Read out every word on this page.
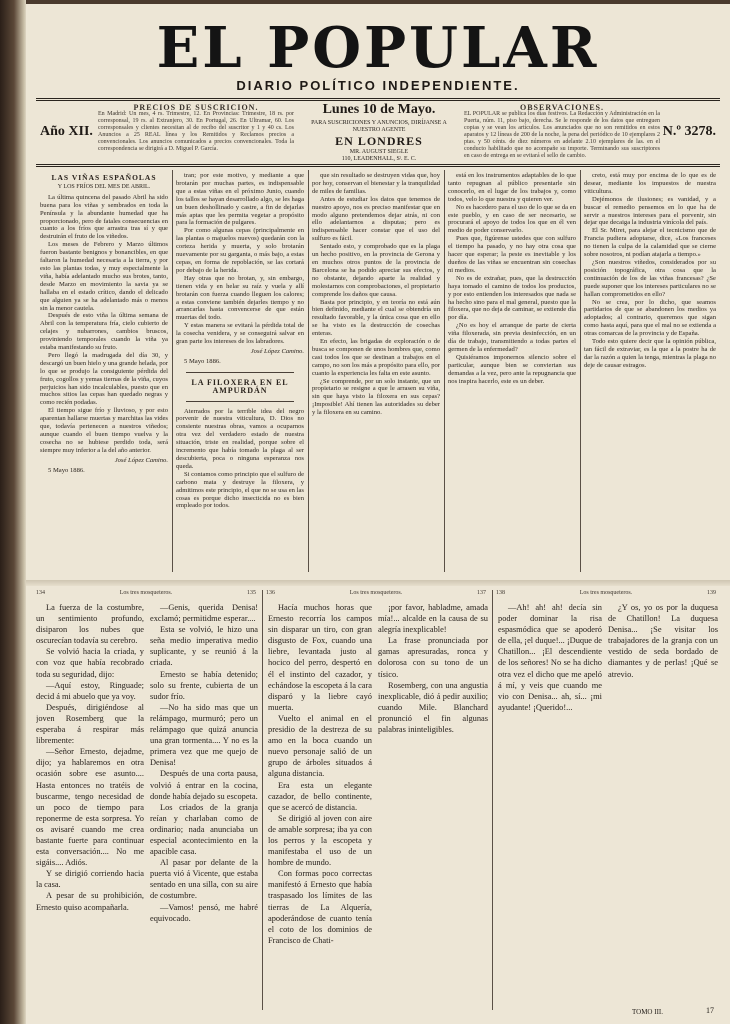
EL POPULAR
DIARIO POLÍTICO INDEPENDIENTE.
Año XII.
PRECIOS DE SUSCRICION.

En Madrid: Un mes, 4 rs. Trimestre, 12. En Provincias: Trimestre, 18 rs. por corresponsal, 19 rs. al Extranjero, 30. En Portugal, 26. En Ultramar, 60. Los corresponsales y clientes necesitan al de recibo del suscritor y 1 y 40 cs. Los Anuncios a 25 REAL línea y los Remitidos y Reclamos precios a convencionales. Los anuncios comunicados a precios convencionales. Toda la correspondencia se dirigirá a D. Miguel P. García.

Lunes 10 de Mayo.
PARA SUSCRICIONES Y ANUNCIOS, DIRÍJANSE A NUESTRO AGENTE
EN LONDRES
MR. AUGUST SIEGLE
110, LEADENHALL, Sᵗ. E. C.
OBSERVACIONES.

EL POPULAR se publica los días festivos. La Redacción y Administración en la Puerta, núm. 11, piso bajo, derecha. Se le responde de los datos que entreguen copias y se vean los artículos. Los anunciados que no son remitidos en estos aparatos y 12 líneas de 200 de la noche, la pena del periódico de 10 ejemplares 2 ptas. y 50 cénts. de diez números en adelante 2.10 ejemplares de las. en el conducto habilitado que no acompañe su importe. Terminando sus suscriptores en caso de entrega en se evitará el sello de cambio.

N.º 3278.

LAS VIÑAS ESPAÑOLAS

Y LOS FRÍOS DEL MES DE ABRIL.

La última quincena del pasado Abril ha sido buena para los viñas y sembrados en toda la Península y la abundante humedad que ha proporcionado, pero de fatales consecuencias en cuanto a los fríos que arrastra tras sí y que destruirán el fruto de los viñedos.

Los meses de Febrero y Marzo últimos fueron bastante benignos y bonancibles, en que faltaron la humedad necesaria a la tierra, y por esto las plantas todas, y muy especialmente la viña, había adelantado mucho sus brotes, tanto, desde Marzo en movimiento la savia ya se hallaba en el estado crítico, dando el delicado que alguien ya se ha adelantado más o menos sin la menor cautela.

Después de esto viña la última semana de Abril con la temperatura fría, cielo cubierto de celajes y nubarrones, cambios bruscos, proviniendo temporales cuando la viña ya estaba manifestando su fruto.

Pero llegó la madrugada del día 30, y descargó un buen hielo y una grande helada, por lo que se produjo la consiguiente pérdida del fruto, cogollos y yemas tiernas de la viña, cuyos perjuicios han sido incalculables, puesto que en muchos sitios las cepas han quedado negras y como recién podadas.

El tiempo sigue frío y lluvioso, y por esto aparentan hallarse muertas y marchitas las vides que, todavía pertenecen a nuestros viñedos; aunque cuando el buen tiempo vuelva y la cosecha no se hubiese perdido toda, será siempre muy inferior a la del año anterior.

José López Camino.

5 Mayo 1886.

tran; por este motivo, y mediante a que brotarán por muchas partes, es indispensable que a estas viñas en el próximo Junio, cuando los tallos se hayan desarrollado algo, se les haga un buen deshollinado y castre, a fin de dejarlas más aptas que les permita vegetar a propósito para la formación de pulgares.

Por como algunas cepas (principalmente en las plantas o majuelos nuevos) quedarán con la corteza herida y muerta, y solo brotarán nuevamente por su garganta, o más bajo, a estas cepas, en forma de repoblación, se las cortará por debajo de la herida.

Hay otras que no brotan, y, sin embargo, tienen vida y en helar su raíz y vuela y allí brotarán con fuerza cuando lleguen los calores; a estas conviene también dejarles tiempo y no arrancarlas hasta convencerse de que están muertas del todo.

Y estas manera se evitará la pérdida total de la cosecha venidera, y se conseguirá salvar en gran parte los intereses de los labradores.

José López Camino.

5 Mayo 1886.

LA FILOXERA EN EL AMPURDÁN

Aterrados por la terrible idea del negro porvenir de nuestra viticultura, D. Dios no consiente nuestras obras, vamos a ocuparnos otra vez del verdadero estado de nuestra situación, triste en realidad, porque sobre el incremento que había tomado la plaga al ser descubierta, poca o ninguna esperanza nos queda.

Si contamos como principio que el sulfuro de carbono mata y destruye la filoxera, y admitimos este principio, el que no se usa en las cosas es porque dicho insecticida no es bien empleado por todos.

que sin resultado se destruyen vidas que, hoy por hoy, conservan el bienestar y la tranquilidad de miles de familias.

Antes de estudiar los datos que tenemos de nuestro apoyo, nos es preciso manifestar que en modo alguno pretendemos dejar atrás, ni con ello adelantarnos a disputas; pero es indispensable hacer constar que el uso del sulfuro es fácil.

Sentado esto, y comprobado que es la plaga un hecho positivo, en la provincia de Gerona y en muchos otros puntos de la provincia de Barcelona se ha podido apreciar sus efectos, y no obstante, dejando aparte la realidad y molestarnos con comprobaciones, el propietario comprende los daños que causa.

Basta por principio, y en teoría no está aún bien definido, mediante el cual se obtendría un resultado favorable, y la única cosa que en ello se ha visto es la destrucción de cosechas enteras.

En efecto, las brigadas de exploración o de busca se componen de unos hombres que, como casi todos los que se destinan a trabajos en el campo, no son los más a propósito para ello, por cuanto la experiencia les falta en este asunto.

¿Se comprende, por un solo instante, que un propietario se resigne a que le arrasen su viña, sin que haya visto la filoxera en sus cepas? ¡Imposible! Ahí tienen las autoridades su deber y la filoxera en su camino.

está en los instrumentos adaptables de lo que tanto repugnan al público presentarle sin conocerlo, en el lugar de los trabajos y, como todos, velo lo que nuestra y quieren ver.

No es hacedero para el uso de lo que se da en este pueblo, y en caso de ser necesario, se procurará el apoyo de todos los que en él ven medio de poder conservarlo.

Pues que, figúrense ustedes que con sulfuro el tiempo ha pasado, y no hay otra cosa que hacer que esperar; la peste es inevitable y los dueños de las viñas se encuentran sin cosechas ni medios.

No es de extrañar, pues, que la destrucción haya tomado el camino de todos los productos, y por esto entienden los interesados que nada se ha hecho sino para el mal general, puesto que la filoxera, que no deja de caminar, se extiende día por día.

¿No es hoy el arranque de parte de cierta viña filoxerada, sin previa desinfección, en un día de trabajo, transmitiendo a todas partes el germen de la enfermedad?

Quisiéramos imponernos silencio sobre el particular, aunque bien se conviertan sus demandas a la vez, pero ante la repugnancia que nos inspira hacerlo, este es un deber.

creto, está muy por encima de lo que es de desear, mediante los impuestos de nuestra viticultura.

Dejémonos de ilusiones; es vanidad, y a buscar el remedio pensemos en lo que ha de servir a nuestros intereses para el porvenir, sin dejar que decaiga la industria vinícola del país.

El Sr. Miret, para alejar el tecnicismo que de Francia pudiera adoptarse, dice, «Los franceses no tienen la culpa de la calamidad que se cierne sobre nosotros, ni podían atajarla a tiempo.»

¿Son nuestros viñedos, considerados por su posición topográfica, otra cosa que la continuación de los de las viñas francesas? ¿Se puede suponer que los intereses particulares no se hallan comprometidos en ello?

No se crea, por lo dicho, que seamos partidarios de que se abandonen los medios ya adoptados; al contrario, queremos que sigan como hasta aquí, para que el mal no se extienda a otras comarcas de la provincia y de España.

Todo esto quiere decir que la opinión pública, tan fácil de extraviar, es la que a la postre ha de dar la razón a quien la tenga, mientras la plaga no deje de causar estragos.

134	Los tres mosqueteros.	135 136	Los tres mosqueteros.	137 138	Los tres mosqueteros.	139

La fuerza de la costumbre, un sentimiento profundo, disiparon los nubes que oscurecían todavía su cerebro.

Se volvió hacia la criada, y con voz que había recobrado toda su seguridad, dijo:

—Aquí estoy, Ringuade; decid á mi abuelo que ya voy.

Después, dirigiéndose al joven Rosemberg que la esperaba á respirar más libremente:

—Señor Ernesto, dejadme, dijo; ya hablaremos en otra ocasión sobre ese asunto.... Hasta entonces no tratéis de buscarme, tengo necesidad de un poco de tiempo para reponerme de esta sorpresa. Yo os avisaré cuando me crea bastante fuerte para continuar esta conversación.... No me sigáis.... Adiós.

Y se dirigió corriendo hacia la casa.

A pesar de su prohibición, Ernesto quiso acompañarla.

—Genis, querida Denisa! exclamó; permitidme esperar....

Esta se volvió, le hizo una seña medio imperativa medio suplicante, y se reunió á la criada.

Ernesto se había detenido; solo su frente, cubierta de un sudor frío.

—No ha sido mas que un relámpago, murmuró; pero un relámpago que quizá anuncia una gran tormenta.... Y no es la primera vez que me quejo de Denisa!

Después de una corta pausa, volvió á entrar en la cocina, donde había dejado su escopeta.

Los criados de la granja reían y charlaban como de ordinario; nada anunciaba un especial acontecimiento en la apacible casa.

Al pasar por delante de la puerta vió á Vicente, que estaba sentado en una silla, con su aire de costumbre.

—Vamos! pensó, me habré equivocado.

Hacía muchos horas que Ernesto recorría los campos sin disparar un tiro, con gran disgusto de Fox, cuando una liebre, levantada justo al hocico del perro, despertó en él el instinto del cazador, y echándose la escopeta á la cara disparó y la liebre cayó muerta.

Vuelto el animal en el presidio de la destreza de su amo en la boca cuando un nuevo personaje salió de un grupo de árboles situados á alguna distancia.

Era esta un elegante cazador, de bello continente, que se acercó de distancia.

Se dirigió al joven con aire de amable sorpresa; iba ya con los perros y la escopeta y manifestaba el uso de un hombre de mundo.

Con formas poco correctas manifestó á Ernesto que había traspasado los límites de las tierras de La Alquería, apoderándose de cuanto tenía el coto de los dominios de Francisco de Chati-

¡por favor, habladme, amada mía!... alcalde en la causa de su alegría inexplicable!

La frase pronunciada por gamas apresuradas, ronca y dolorosa con su tono de un tísico.

Rosemberg, con una angustia inexplicable, dió á pedir auxilio; cuando Mile. Blanchard pronunció el fin algunas palabras ininteligibles.

—Ah! ah! ah! decía sin poder dominar la risa espasmódica que se apoderó de ella, ¡el duque!... ¡Duque de Chatillon... ¡El descendiente de los señores! No se ha dicho otra vez el dicho que me apeló á mí, y veis que cuando me vio con Denisa... ah, sí... ¡mi ayudante! ¡Querido!...

¿Y os, yo os por la duquesa de Chatillon! La duquesa Denisa... ¡Se visitar los trabajadores de la granja con un vestido de seda bordado de diamantes y de perlas! ¡Qué se atrevio.

TOMO III.	17
